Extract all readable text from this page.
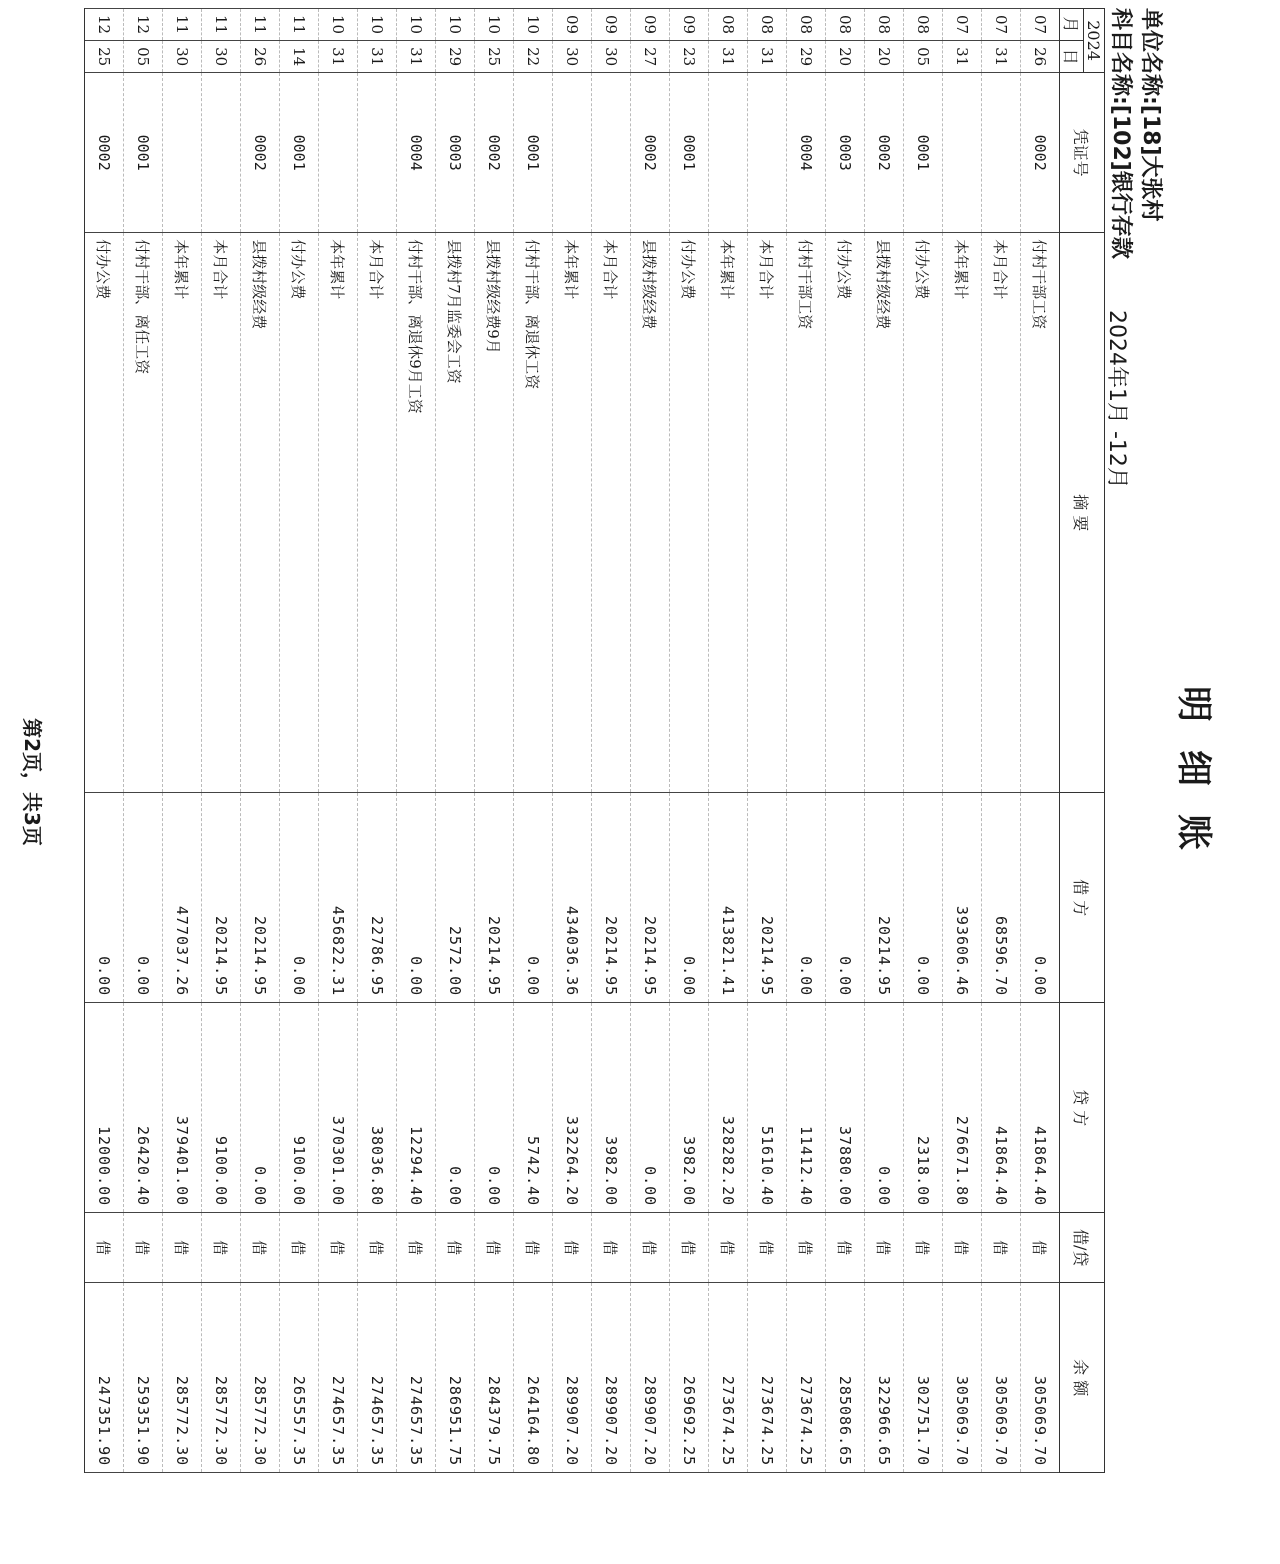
明细账
单位名称:[18]大张村
科目名称:[102]银行存款
2024年1月 -12月
2024		凭证号	摘 要	借 方	贷 方	借/贷	余 额
月	日						
07	26	0002	付村干部工资	0.00	41864.40	借	305069.70
07	31		本月合计	68596.70	41864.40	借	305069.70
07	31		本年累计	393606.46	276671.80	借	305069.70
08	05	0001	付办公费	0.00	2318.00	借	302751.70
08	20	0002	县拨村级经费	20214.95	0.00	借	322966.65
08	20	0003	付办公费	0.00	37880.00	借	285086.65
08	29	0004	付村干部工资	0.00	11412.40	借	273674.25
08	31		本月合计	20214.95	51610.40	借	273674.25
08	31		本年累计	413821.41	328282.20	借	273674.25
09	23	0001	付办公费	0.00	3982.00	借	269692.25
09	27	0002	县拨村级经费	20214.95	0.00	借	289907.20
09	30		本月合计	20214.95	3982.00	借	289907.20
09	30		本年累计	434036.36	332264.20	借	289907.20
10	22	0001	付村干部、离退休工资	0.00	5742.40	借	264164.80
10	25	0002	县拨村级经费9月	20214.95	0.00	借	284379.75
10	29	0003	县拨村7月监委会工资	2572.00	0.00	借	286951.75
10	31	0004	付村干部、离退休9月工资	0.00	12294.40	借	274657.35
10	31		本月合计	22786.95	38036.80	借	274657.35
10	31		本年累计	456822.31	370301.00	借	274657.35
11	14	0001	付办公费	0.00	9100.00	借	265557.35
11	26	0002	县拨村级经费	20214.95	0.00	借	285772.30
11	30		本月合计	20214.95	9100.00	借	285772.30
11	30		本年累计	477037.26	379401.00	借	285772.30
12	05	0001	付村干部、离任工资	0.00	26420.40	借	259351.90
12	25	0002	付办公费	0.00	12000.00	借	247351.90
第2页，共3页
